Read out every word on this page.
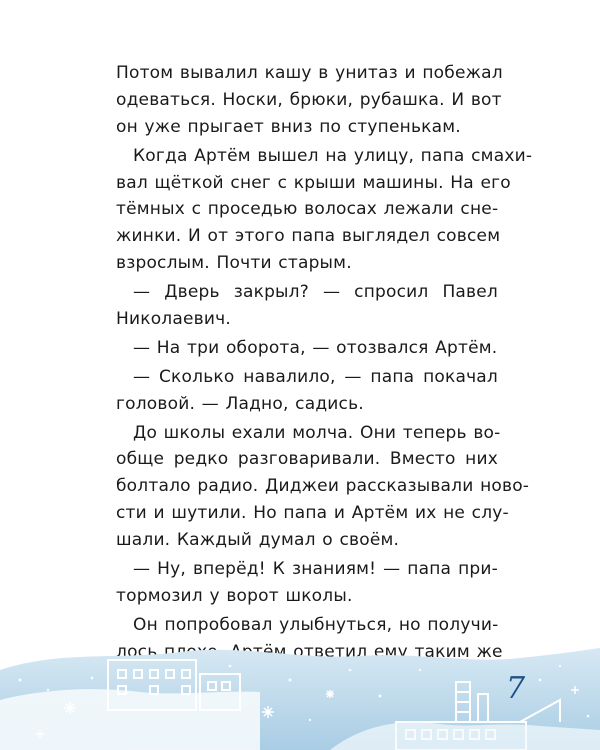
Потом вывалил кашу в унитаз и побежал
одеваться. Носки, брюки, рубашка. И вот
он уже прыгает вниз по ступенькам.
Когда Артём вышел на улицу, папа смахи-
вал щёткой снег с крыши машины. На его
тёмных с проседью волосах лежали сне-
жинки. И от этого папа выглядел совсем
взрослым. Почти старым.
— Дверь закрыл? — спросил Павел
Николаевич.
— На три оборота, — отозвался Артём.
— Сколько навалило, — папа покачал
головой. — Ладно, садись.
До школы ехали молча. Они теперь во-
обще редко разговаривали. Вместо них
болтало радио. Диджеи рассказывали ново-
сти и шутили. Но папа и Артём их не слу-
шали. Каждый думал о своём.
— Ну, вперёд! К знаниям! — папа при-
тормозил у ворот школы.
Он попробовал улыбнуться, но получи-
лось плохо. Артём ответил ему таким же
7
